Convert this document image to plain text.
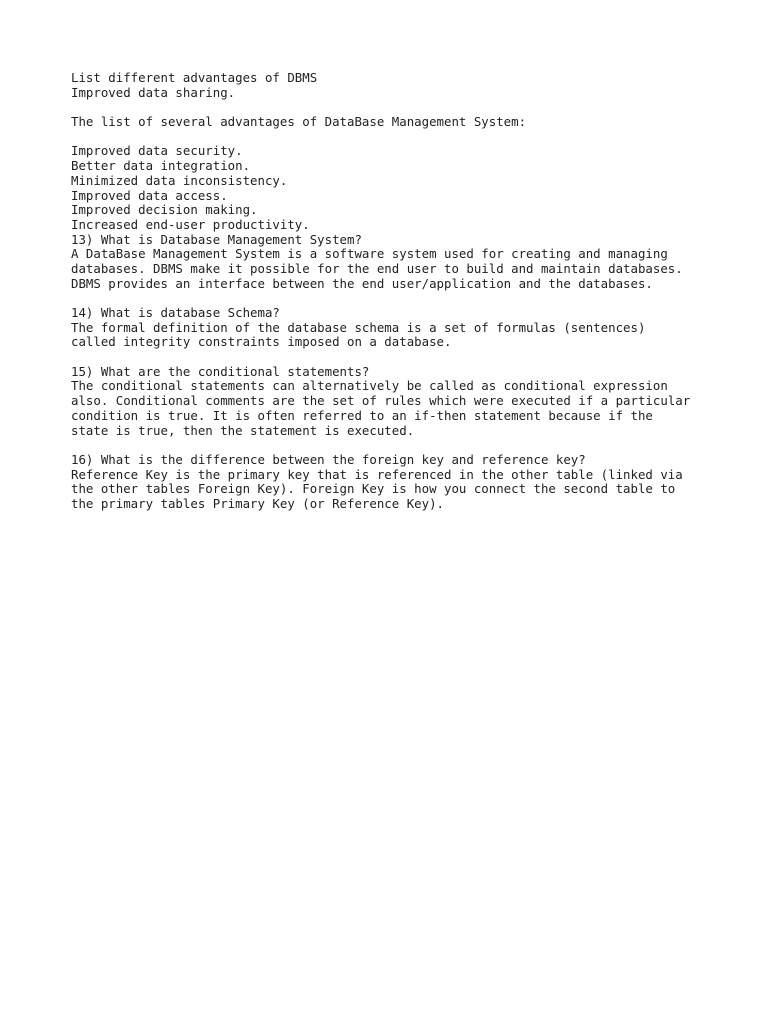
List different advantages of DBMS
Improved data sharing.
The list of several advantages of DataBase Management System:
Improved data security.
Better data integration.
Minimized data inconsistency.
Improved data access.
Improved decision making.
Increased end-user productivity.
13) What is Database Management System?
A DataBase Management System is a software system used for creating and managing
databases. DBMS make it possible for the end user to build and maintain databases.
DBMS provides an interface between the end user/application and the databases.
14) What is database Schema?
The formal definition of the database schema is a set of formulas (sentences)
called integrity constraints imposed on a database.
15) What are the conditional statements?
The conditional statements can alternatively be called as conditional expression
also. Conditional comments are the set of rules which were executed if a particular
condition is true. It is often referred to an if-then statement because if the
state is true, then the statement is executed.
16) What is the difference between the foreign key and reference key?
Reference Key is the primary key that is referenced in the other table (linked via
the other tables Foreign Key). Foreign Key is how you connect the second table to
the primary tables Primary Key (or Reference Key).
